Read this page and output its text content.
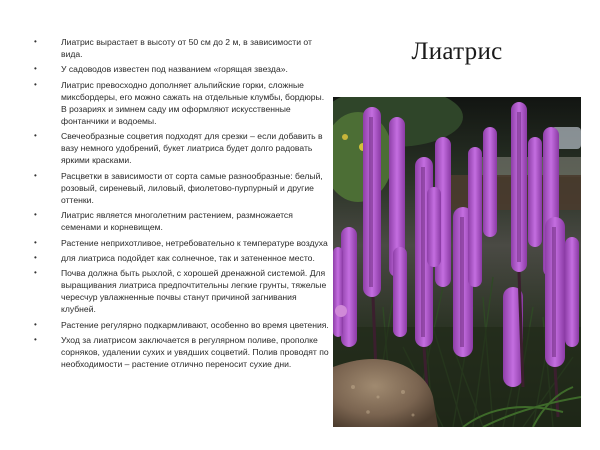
•	Лиатрис вырастает в высоту от 50 см до 2 м, в зависимости от вида.
•	У садоводов известен под названием «горящая звезда».
•	Лиатрис превосходно дополняет альпийские горки, сложные миксбордеры, его можно сажать на отдельные клумбы, бордюры. В розариях и зимнем саду им оформляют искусственные фонтанчики и водоемы.
•	Свечеобразные соцветия подходят для срезки – если добавить в вазу немного удобрений, букет лиатриса будет долго радовать яркими красками.
•	Расцветки в зависимости от сорта самые разнообразные: белый, розовый, сиреневый, лиловый, фиолетово-пурпурный и другие оттенки.
•	Лиатрис является многолетним растением, размножается семенами и корневищем.
•	Растение неприхотливое, нетребовательно к температуре воздуха
•	для лиатриса подойдет как солнечное, так и затененное место.
•	Почва должна быть рыхлой, с хорошей дренажной системой. Для выращивания лиатриса предпочтительны легкие грунты, тяжелые чересчур увлажненные почвы станут причиной загнивания клубней.
•	Растение регулярно подкармливают, особенно во время цветения.
•	Уход за лиатрисом заключается в регулярном поливе, прополке сорняков, удалении сухих и увядших соцветий. Полив проводят по необходимости – растение отлично переносит сухие дни.
Лиатрис
